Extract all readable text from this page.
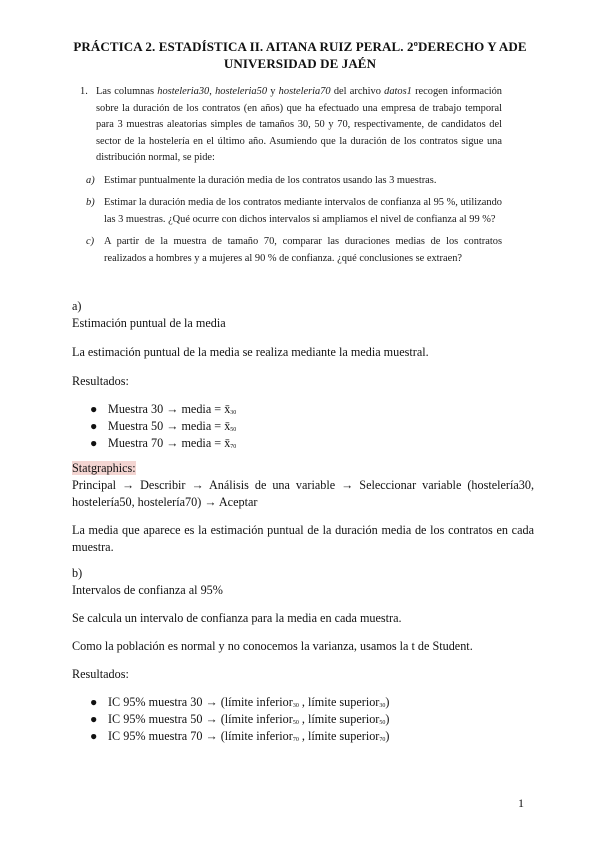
PRÁCTICA 2. ESTADÍSTICA II. AITANA RUIZ PERAL. 2ºDERECHO Y ADE UNIVERSIDAD DE JAÉN
1. Las columnas hosteleria30, hosteleria50 y hosteleria70 del archivo datos1 recogen información sobre la duración de los contratos (en años) que ha efectuado una empresa de trabajo temporal para 3 muestras aleatorias simples de tamaños 30, 50 y 70, respectivamente, de candidatos del sector de la hostelería en el último año. Asumiendo que la duración de los contratos sigue una distribución normal, se pide:
a) Estimar puntualmente la duración media de los contratos usando las 3 muestras.
b) Estimar la duración media de los contratos mediante intervalos de confianza al 95 %, utilizando las 3 muestras. ¿Qué ocurre con dichos intervalos si ampliamos el nivel de confianza al 99 %?
c) A partir de la muestra de tamaño 70, comparar las duraciones medias de los contratos realizados a hombres y a mujeres al 90 % de confianza. ¿qué conclusiones se extraen?
a)
Estimación puntual de la media
La estimación puntual de la media se realiza mediante la media muestral.
Resultados:
● Muestra 30 → media = $x̄_{30}$
● Muestra 50 → media = $x̄_{50}$
● Muestra 70 → media = $x̄_{70}$
Statgraphics:
Principal → Describir → Análisis de una variable → Seleccionar variable (hostelería30, hostelería50, hostelería70) → Aceptar
La media que aparece es la estimación puntual de la duración media de los contratos en cada muestra.
b)
Intervalos de confianza al 95%
Se calcula un intervalo de confianza para la media en cada muestra.
Como la población es normal y no conocemos la varianza, usamos la t de Student.
Resultados:
● IC 95% muestra 30 → (límite inferior$_{30}$ , límite superior$_{30}$)
● IC 95% muestra 50 → (límite inferior$_{50}$ , límite superior$_{50}$)
● IC 95% muestra 70 → (límite inferior$_{70}$ , límite superior$_{70}$)
1
